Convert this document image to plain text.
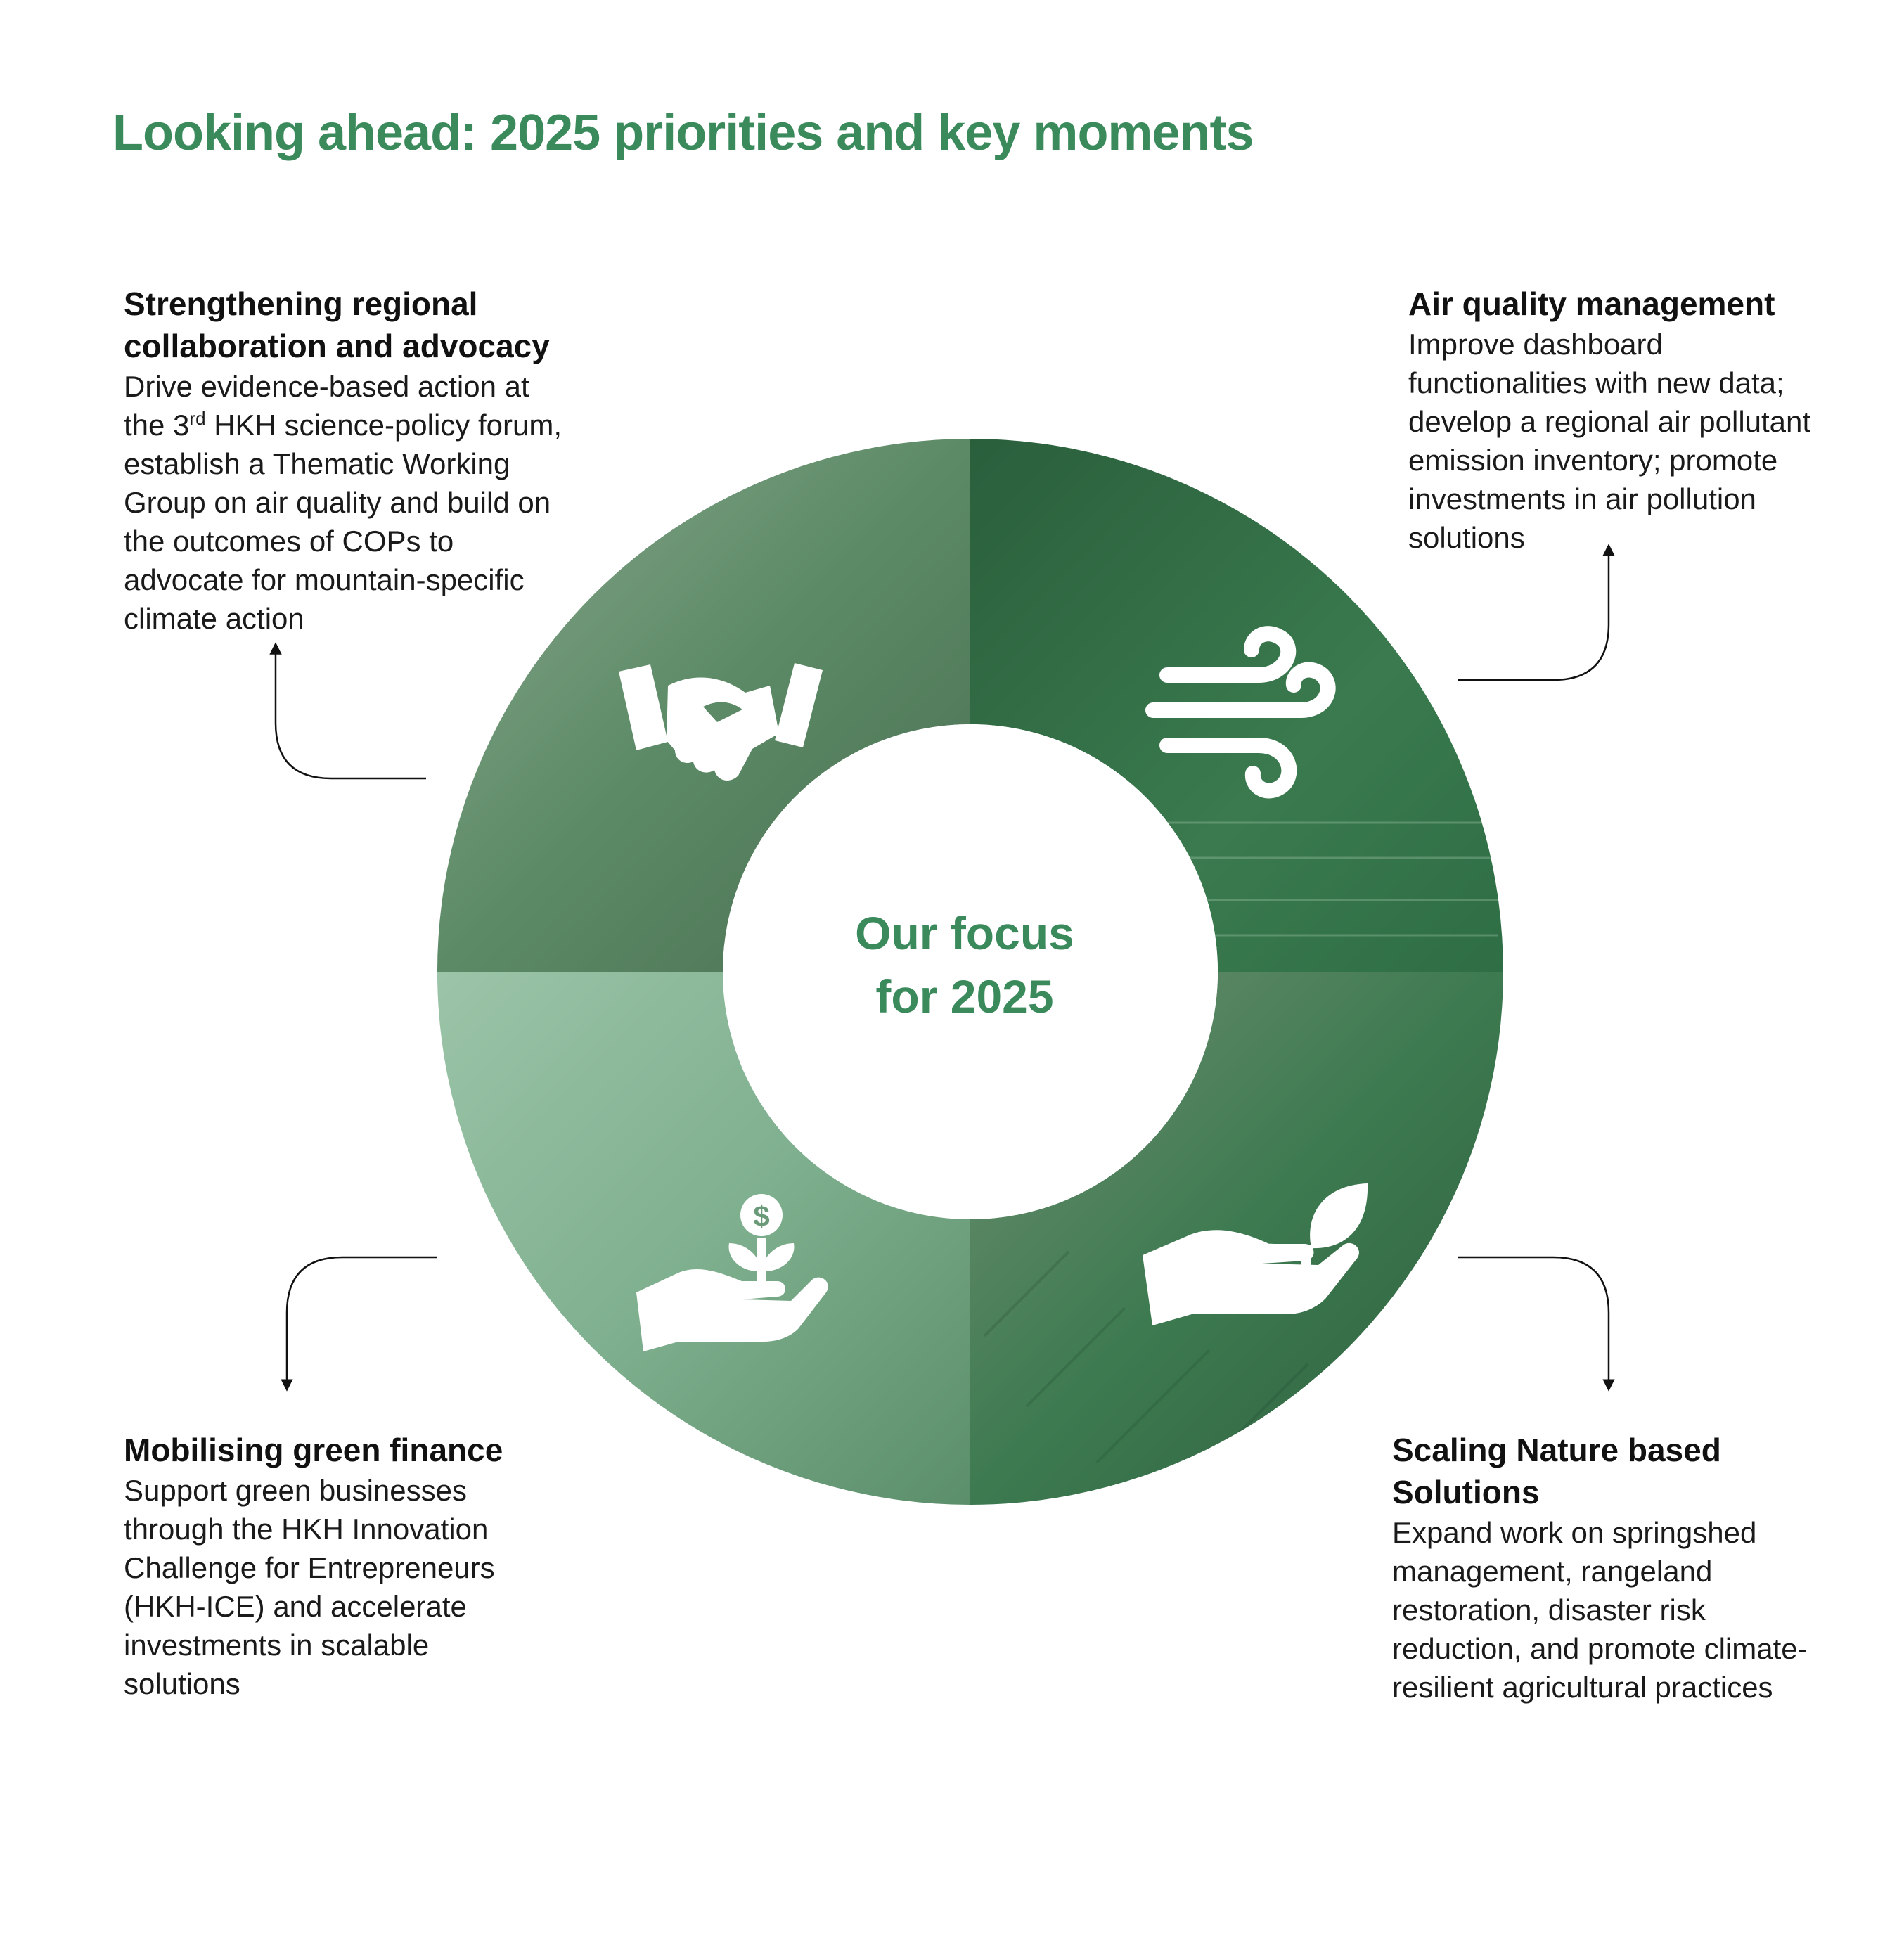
Looking ahead: 2025 priorities and key moments
Strengthening regional
collaboration and advocacy

Drive evidence-based action at the 3rd HKH science-policy forum, establish a Thematic Working Group on air quality and build on the outcomes of COPs to advocate for mountain-specific climate action

Air quality management

Improve dashboard functionalities with new data; develop a regional air pollutant emission inventory; promote investments in air pollution solutions

Mobilising green finance

Support green businesses through the HKH Innovation Challenge for Entrepreneurs (HKH-ICE) and accelerate investments in scalable solutions

Scaling Nature based
Solutions

Expand work on springshed management, rangeland restoration, disaster risk reduction, and promote climate-resilient agricultural practices

Our focus
for 2025
$
